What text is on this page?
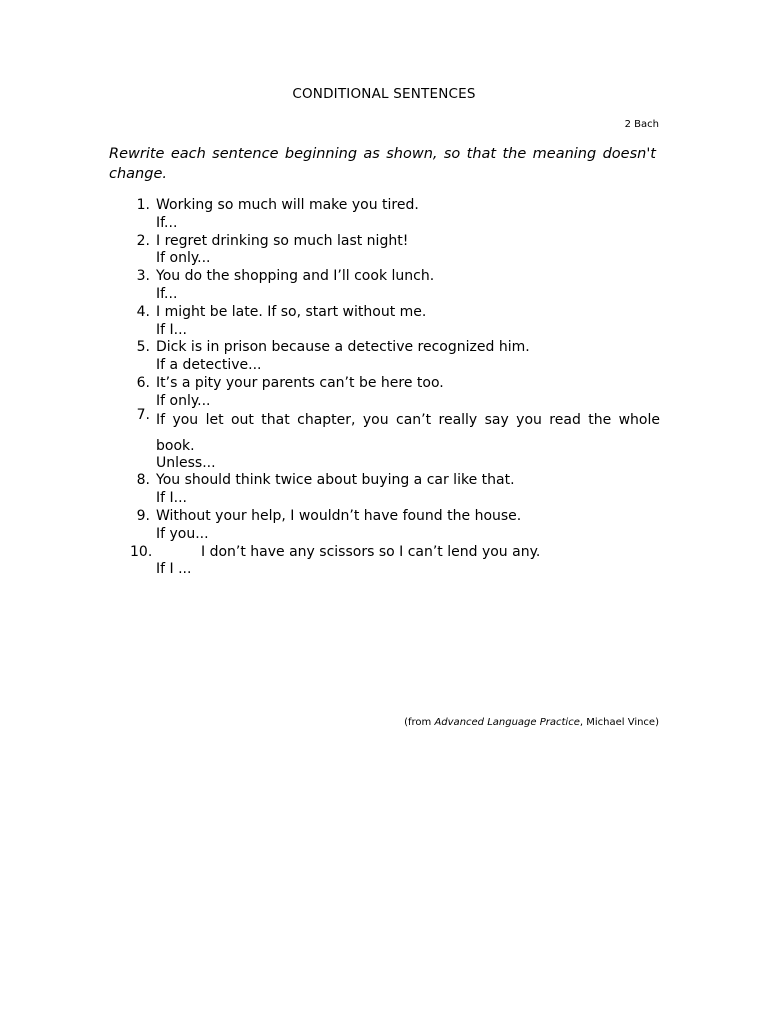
CONDITIONAL SENTENCES
2 Bach
Rewrite each sentence beginning as shown, so that the meaning doesn't change.
1. Working so much will make you tired.
If...
2. I regret drinking so much last night!
If only...
3. You do the shopping and I’ll cook lunch.
If...
4. I might be late. If so, start without me.
If I...
5. Dick is in prison because a detective recognized him.
If a detective...
6. It’s a pity your parents can’t be here too.
If only...
7. If you let out that chapter, you can’t really say you read the whole book.
Unless...
8. You should think twice about buying a car like that.
If I...
9. Without your help, I wouldn’t have found the house.
If you...
10.	I don’t have any scissors so I can’t lend you any.
If I ...
(from Advanced Language Practice, Michael Vince)
